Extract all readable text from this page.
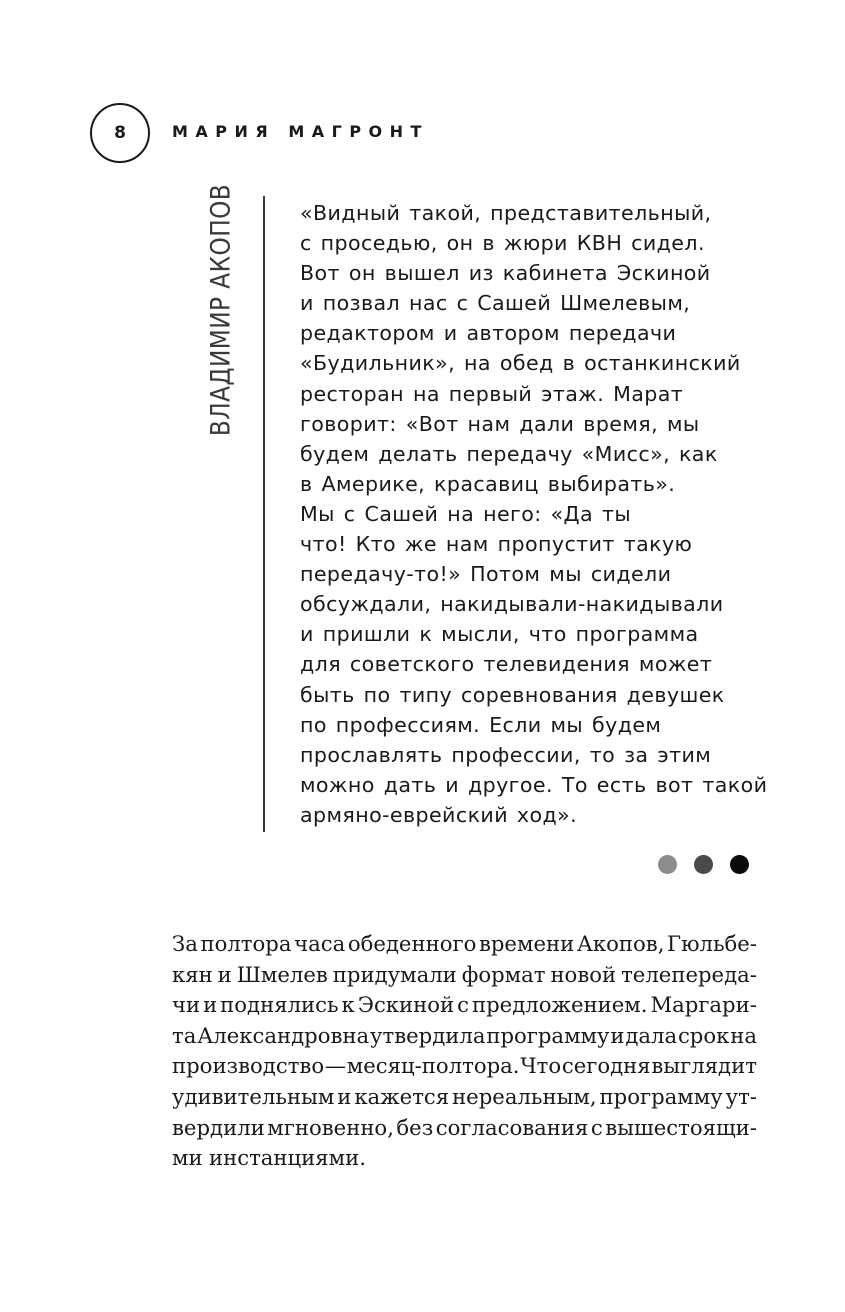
8	МАРИЯ МАГРОНТ
ВЛАДИМИР АКОПОВ	«Видный такой, представительный,
с проседью, он в жюри КВН сидел.
Вот он вышел из кабинета Эскиной
и позвал нас с Сашей Шмелевым,
редактором и автором передачи
«Будильник», на обед в останкинский
ресторан на первый этаж. Марат
говорит: «Вот нам дали время, мы
будем делать передачу «Мисс», как
в Америке, красавиц выбирать».
Мы с Сашей на него: «Да ты
что! Кто же нам пропустит такую
передачу-то!» Потом мы сидели
обсуждали, накидывали-накидывали
и пришли к мысли, что программа
для советского телевидения может
быть по типу соревнования девушек
по профессиям. Если мы будем
прославлять профессии, то за этим
можно дать и другое. То есть вот такой
армяно-еврейский ход».
За полтора часа обеденного времени Акопов, Гюльбе-
кян и Шмелев придумали формат новой телепереда-
чи и поднялись к Эскиной с предложением. Маргари-
та Александровна утвердила программу и дала срок на
производство — месяц-полтора. Что сегодня выглядит
удивительным и кажется нереальным, программу ут-
вердили мгновенно, без согласования с вышестоящи-
ми инстанциями.
